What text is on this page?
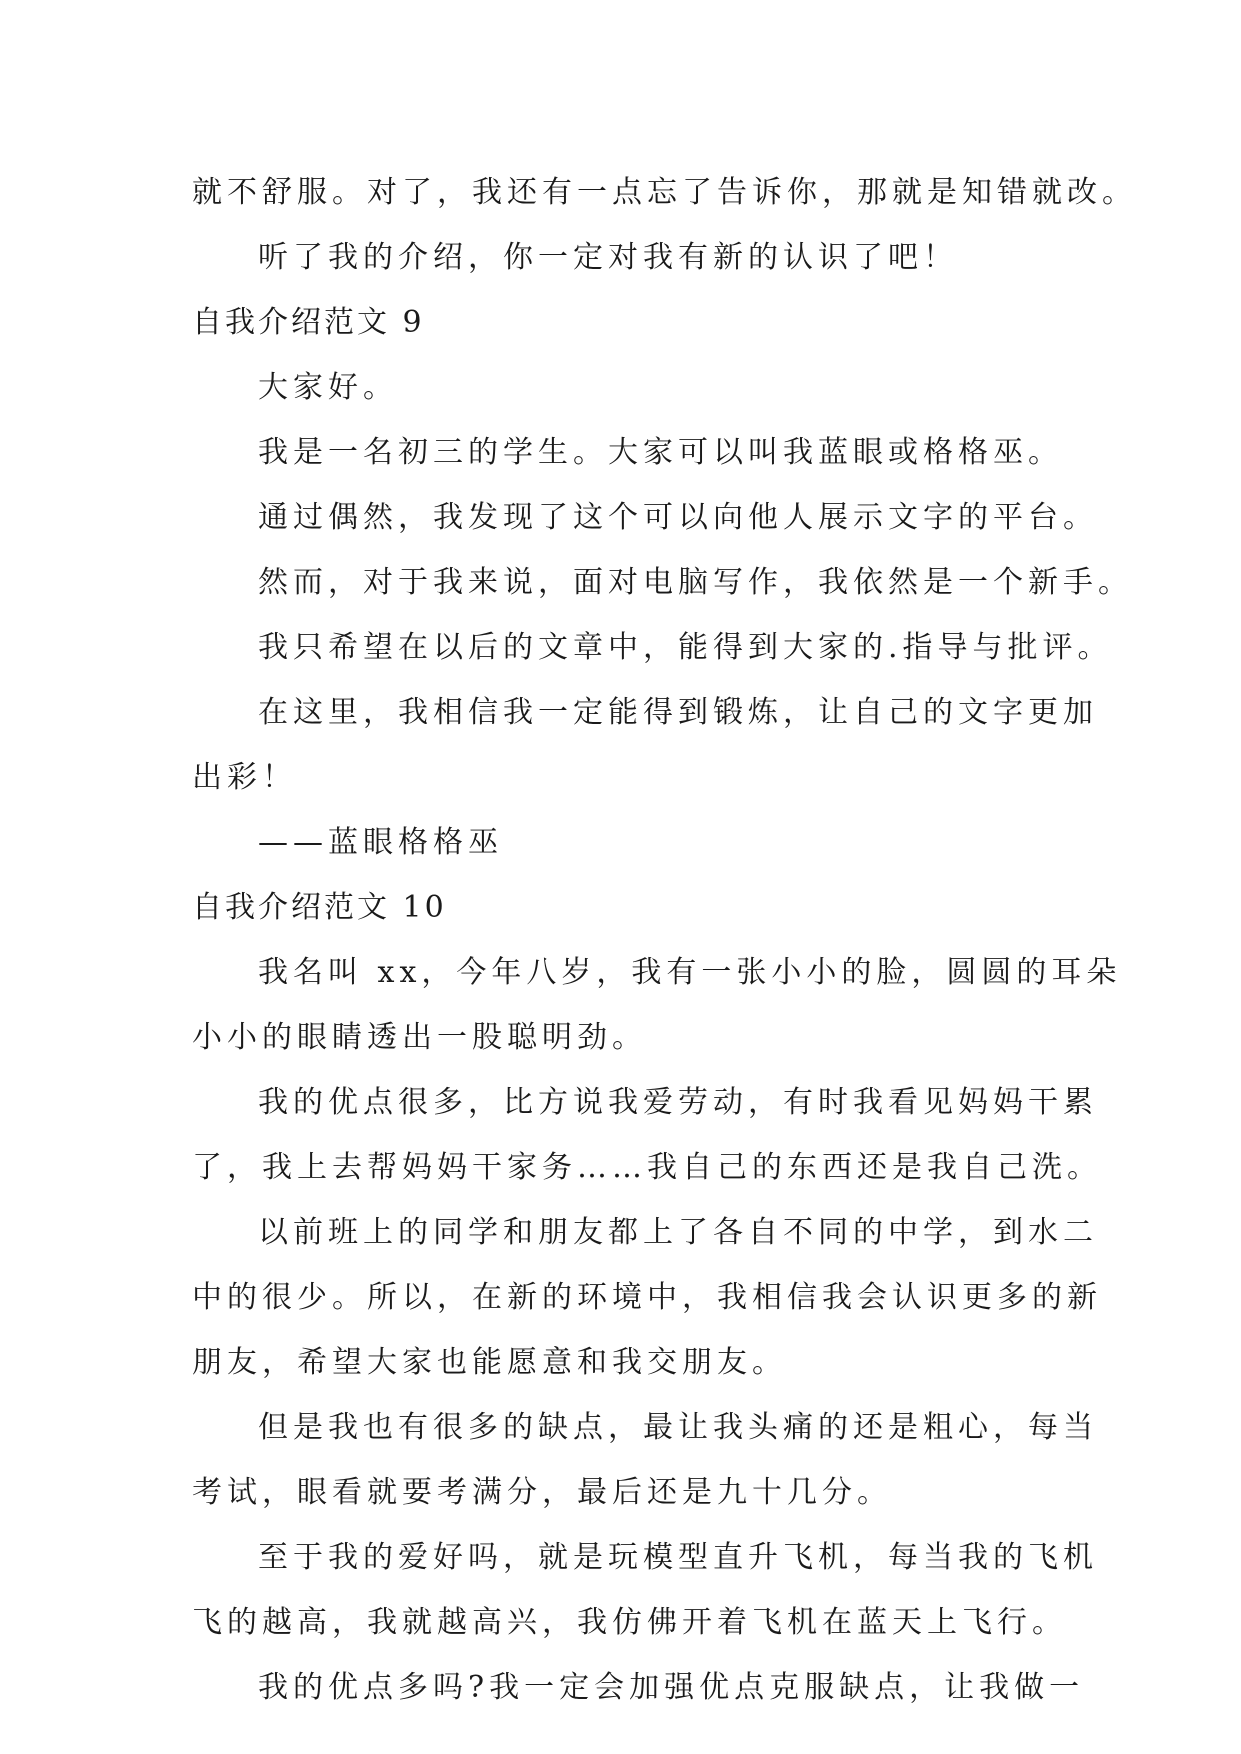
就不舒服。对了，我还有一点忘了告诉你，那就是知错就改。
听了我的介绍，你一定对我有新的认识了吧！
自我介绍范文 9
大家好。
我是一名初三的学生。大家可以叫我蓝眼或格格巫。
通过偶然，我发现了这个可以向他人展示文字的平台。
然而，对于我来说，面对电脑写作，我依然是一个新手。
我只希望在以后的文章中，能得到大家的.指导与批评。
在这里，我相信我一定能得到锻炼，让自己的文字更加
出彩！
——蓝眼格格巫
自我介绍范文 10
我名叫 xx，今年八岁，我有一张小小的脸，圆圆的耳朵
小小的眼睛透出一股聪明劲。
我的优点很多，比方说我爱劳动，有时我看见妈妈干累
了，我上去帮妈妈干家务……我自己的东西还是我自己洗。
以前班上的同学和朋友都上了各自不同的中学，到水二
中的很少。所以，在新的环境中，我相信我会认识更多的新
朋友，希望大家也能愿意和我交朋友。
但是我也有很多的缺点，最让我头痛的还是粗心，每当
考试，眼看就要考满分，最后还是九十几分。
至于我的爱好吗，就是玩模型直升飞机，每当我的飞机
飞的越高，我就越高兴，我仿佛开着飞机在蓝天上飞行。
我的优点多吗?我一定会加强优点克服缺点，让我做一
